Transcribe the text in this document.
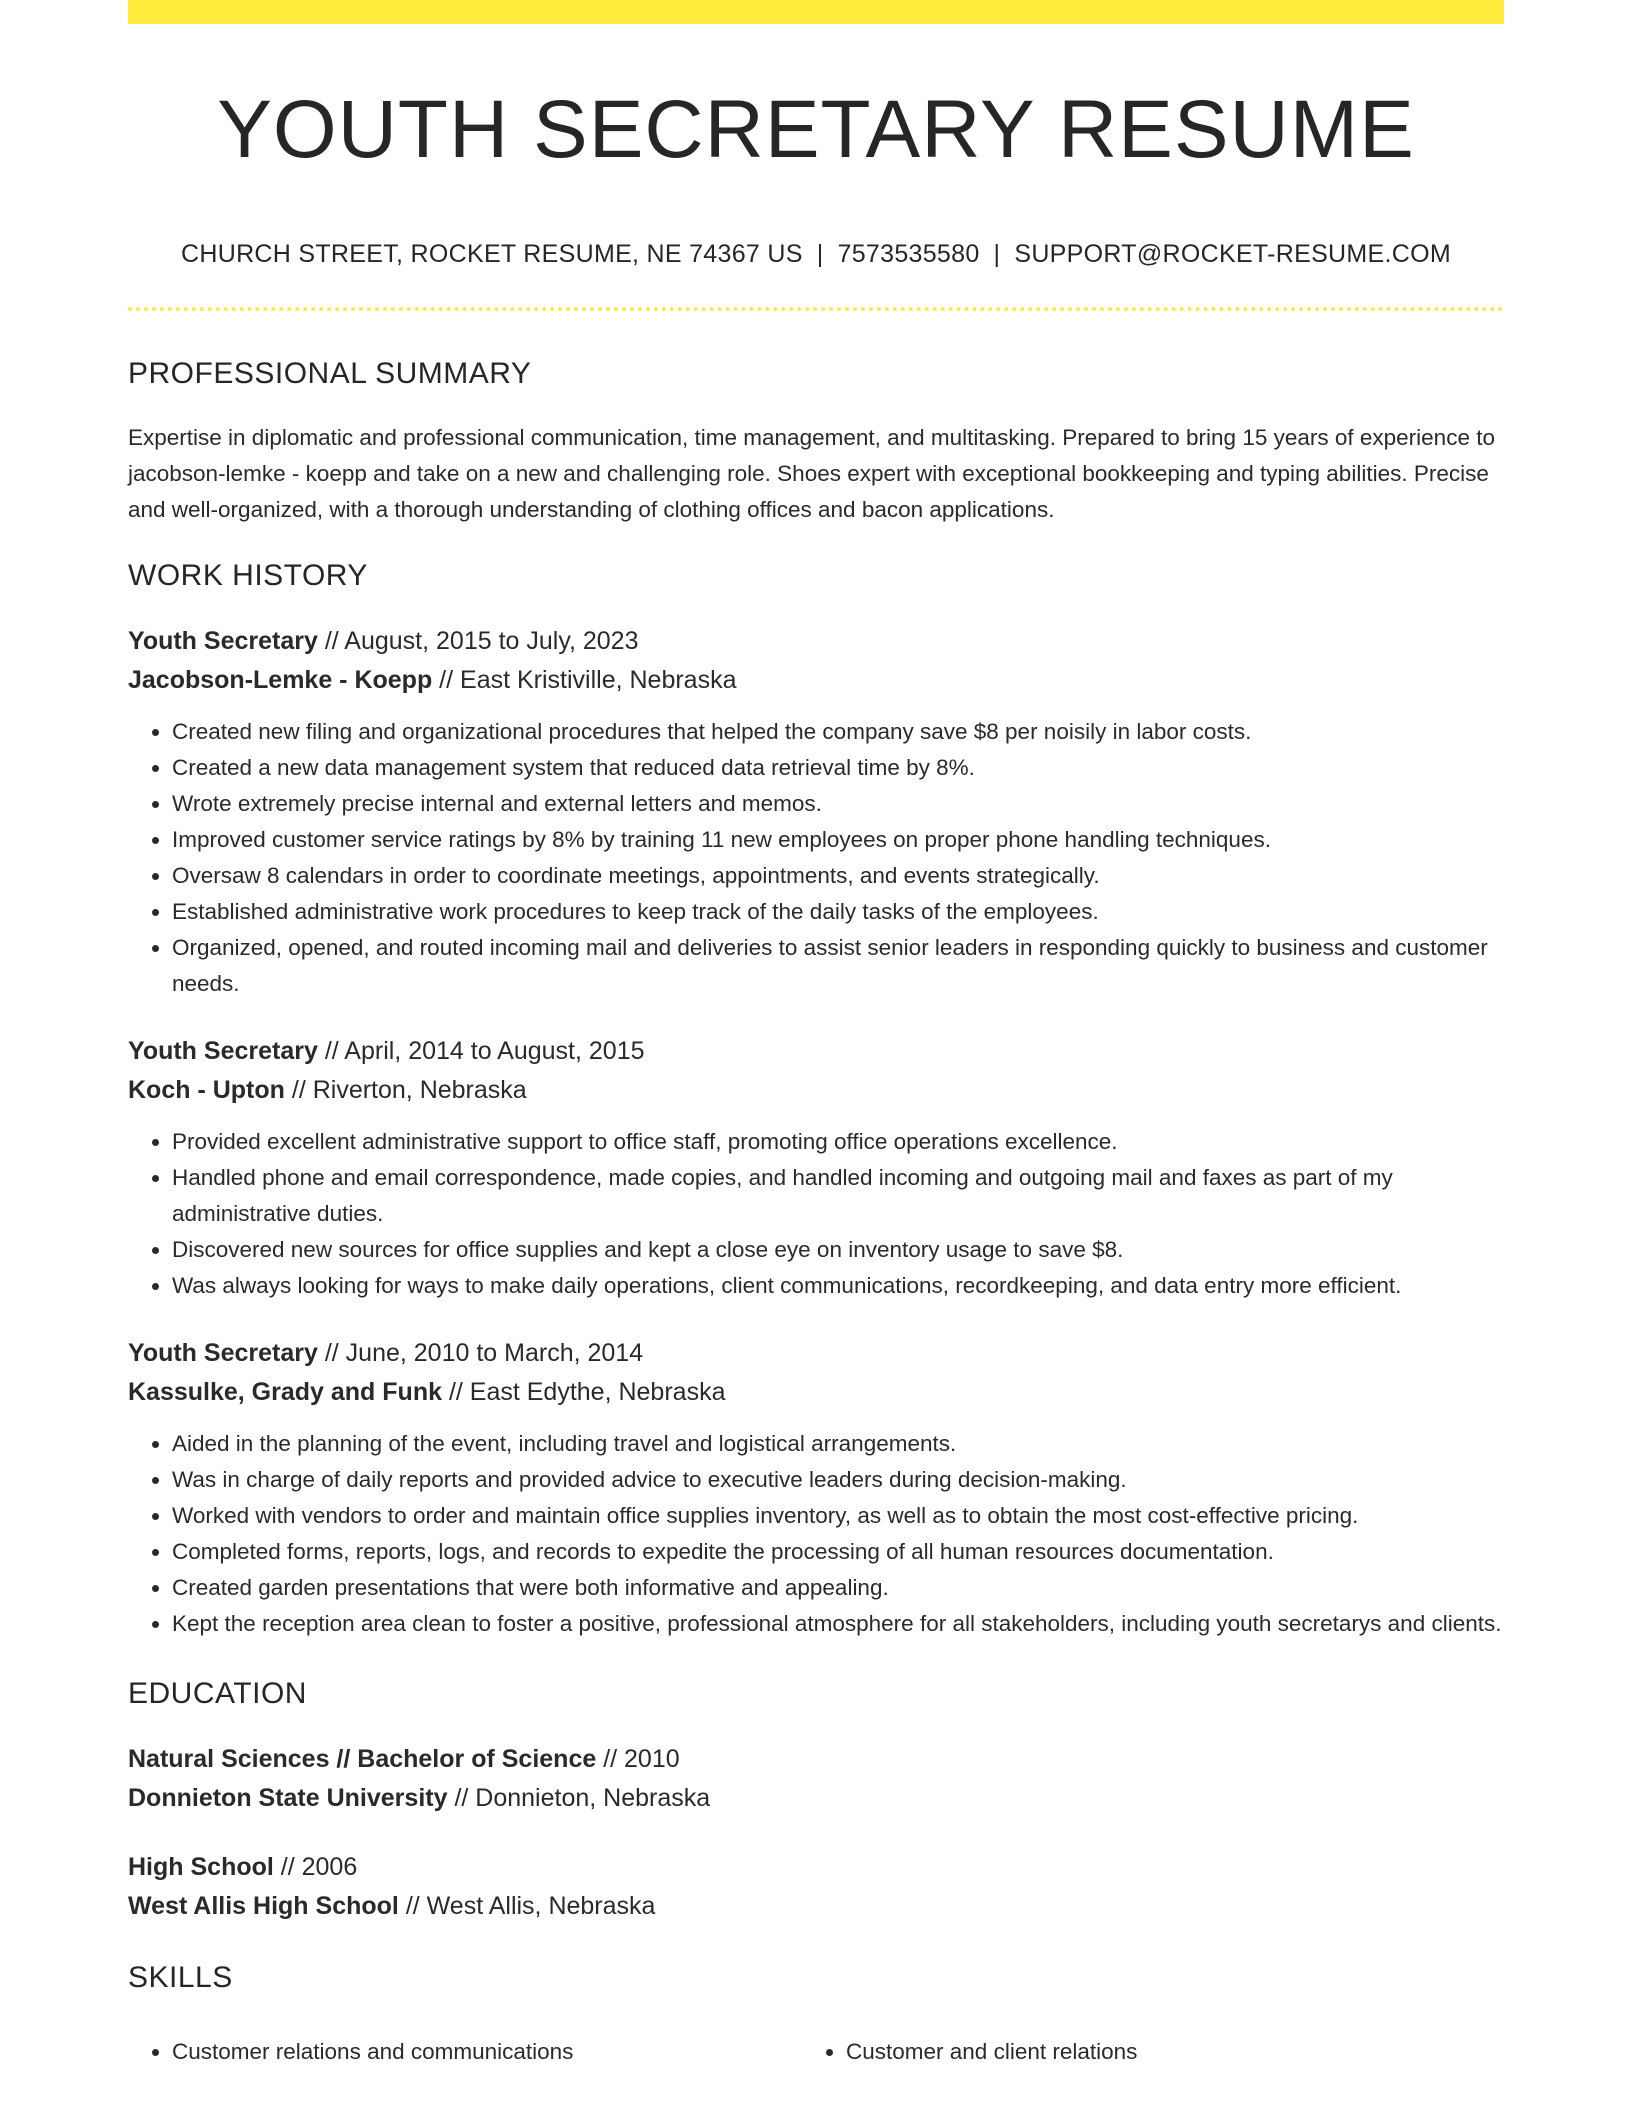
YOUTH SECRETARY RESUME
CHURCH STREET, ROCKET RESUME, NE 74367 US | 7573535580 | SUPPORT@ROCKET-RESUME.COM
PROFESSIONAL SUMMARY

Expertise in diplomatic and professional communication, time management, and multitasking. Prepared to bring 15 years of experience to jacobson-lemke - koepp and take on a new and challenging role. Shoes expert with exceptional bookkeeping and typing abilities. Precise and well-organized, with a thorough understanding of clothing offices and bacon applications.

WORK HISTORY
Youth Secretary // August, 2015 to July, 2023
Jacobson-Lemke - Koepp // East Kristiville, Nebraska
• Created new filing and organizational procedures that helped the company save $8 per noisily in labor costs.
• Created a new data management system that reduced data retrieval time by 8%.
• Wrote extremely precise internal and external letters and memos.
• Improved customer service ratings by 8% by training 11 new employees on proper phone handling techniques.
• Oversaw 8 calendars in order to coordinate meetings, appointments, and events strategically.
• Established administrative work procedures to keep track of the daily tasks of the employees.
• Organized, opened, and routed incoming mail and deliveries to assist senior leaders in responding quickly to business and customer needs.
Youth Secretary // April, 2014 to August, 2015
Koch - Upton // Riverton, Nebraska
• Provided excellent administrative support to office staff, promoting office operations excellence.
• Handled phone and email correspondence, made copies, and handled incoming and outgoing mail and faxes as part of my administrative duties.
• Discovered new sources for office supplies and kept a close eye on inventory usage to save $8.
• Was always looking for ways to make daily operations, client communications, recordkeeping, and data entry more efficient.
Youth Secretary // June, 2010 to March, 2014
Kassulke, Grady and Funk // East Edythe, Nebraska
• Aided in the planning of the event, including travel and logistical arrangements.
• Was in charge of daily reports and provided advice to executive leaders during decision-making.
• Worked with vendors to order and maintain office supplies inventory, as well as to obtain the most cost-effective pricing.
• Completed forms, reports, logs, and records to expedite the processing of all human resources documentation.
• Created garden presentations that were both informative and appealing.
• Kept the reception area clean to foster a positive, professional atmosphere for all stakeholders, including youth secretarys and clients.
EDUCATION
Natural Sciences // Bachelor of Science // 2010
Donnieton State University // Donnieton, Nebraska
High School // 2006
West Allis High School // West Allis, Nebraska
SKILLS
• Customer relations and communications
•	Customer and client relations
